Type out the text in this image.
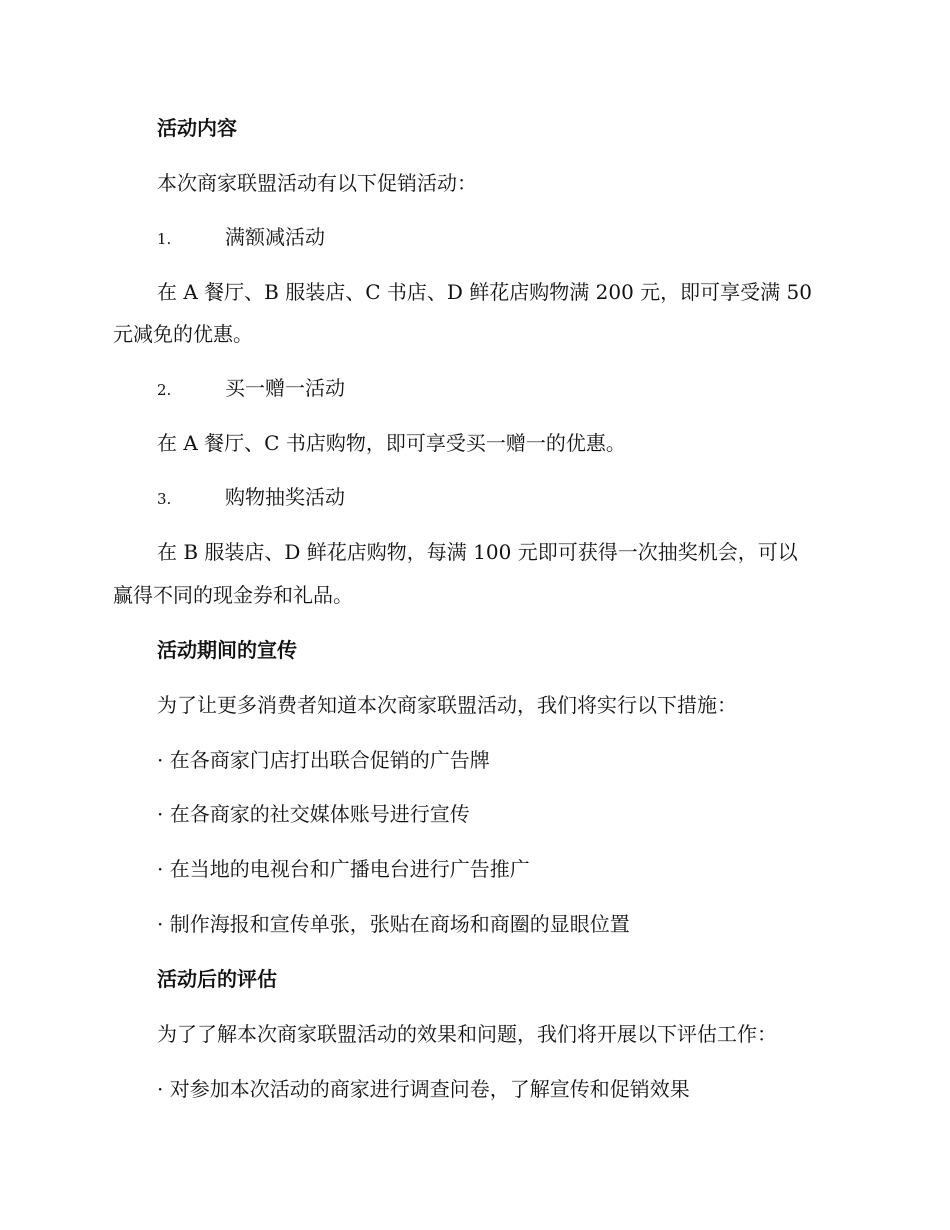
活动内容
本次商家联盟活动有以下促销活动：
1.	满额减活动
在 A 餐厅、B 服装店、C 书店、D 鲜花店购物满 200 元，即可享受满 50
元减免的优惠。
2.	买一赠一活动
在 A 餐厅、C 书店购物，即可享受买一赠一的优惠。
3.	购物抽奖活动
在 B 服装店、D 鲜花店购物，每满 100 元即可获得一次抽奖机会，可以
赢得不同的现金券和礼品。
活动期间的宣传
为了让更多消费者知道本次商家联盟活动，我们将实行以下措施：
· 在各商家门店打出联合促销的广告牌
· 在各商家的社交媒体账号进行宣传
· 在当地的电视台和广播电台进行广告推广
· 制作海报和宣传单张，张贴在商场和商圈的显眼位置
活动后的评估
为了了解本次商家联盟活动的效果和问题，我们将开展以下评估工作：
· 对参加本次活动的商家进行调查问卷，了解宣传和促销效果
